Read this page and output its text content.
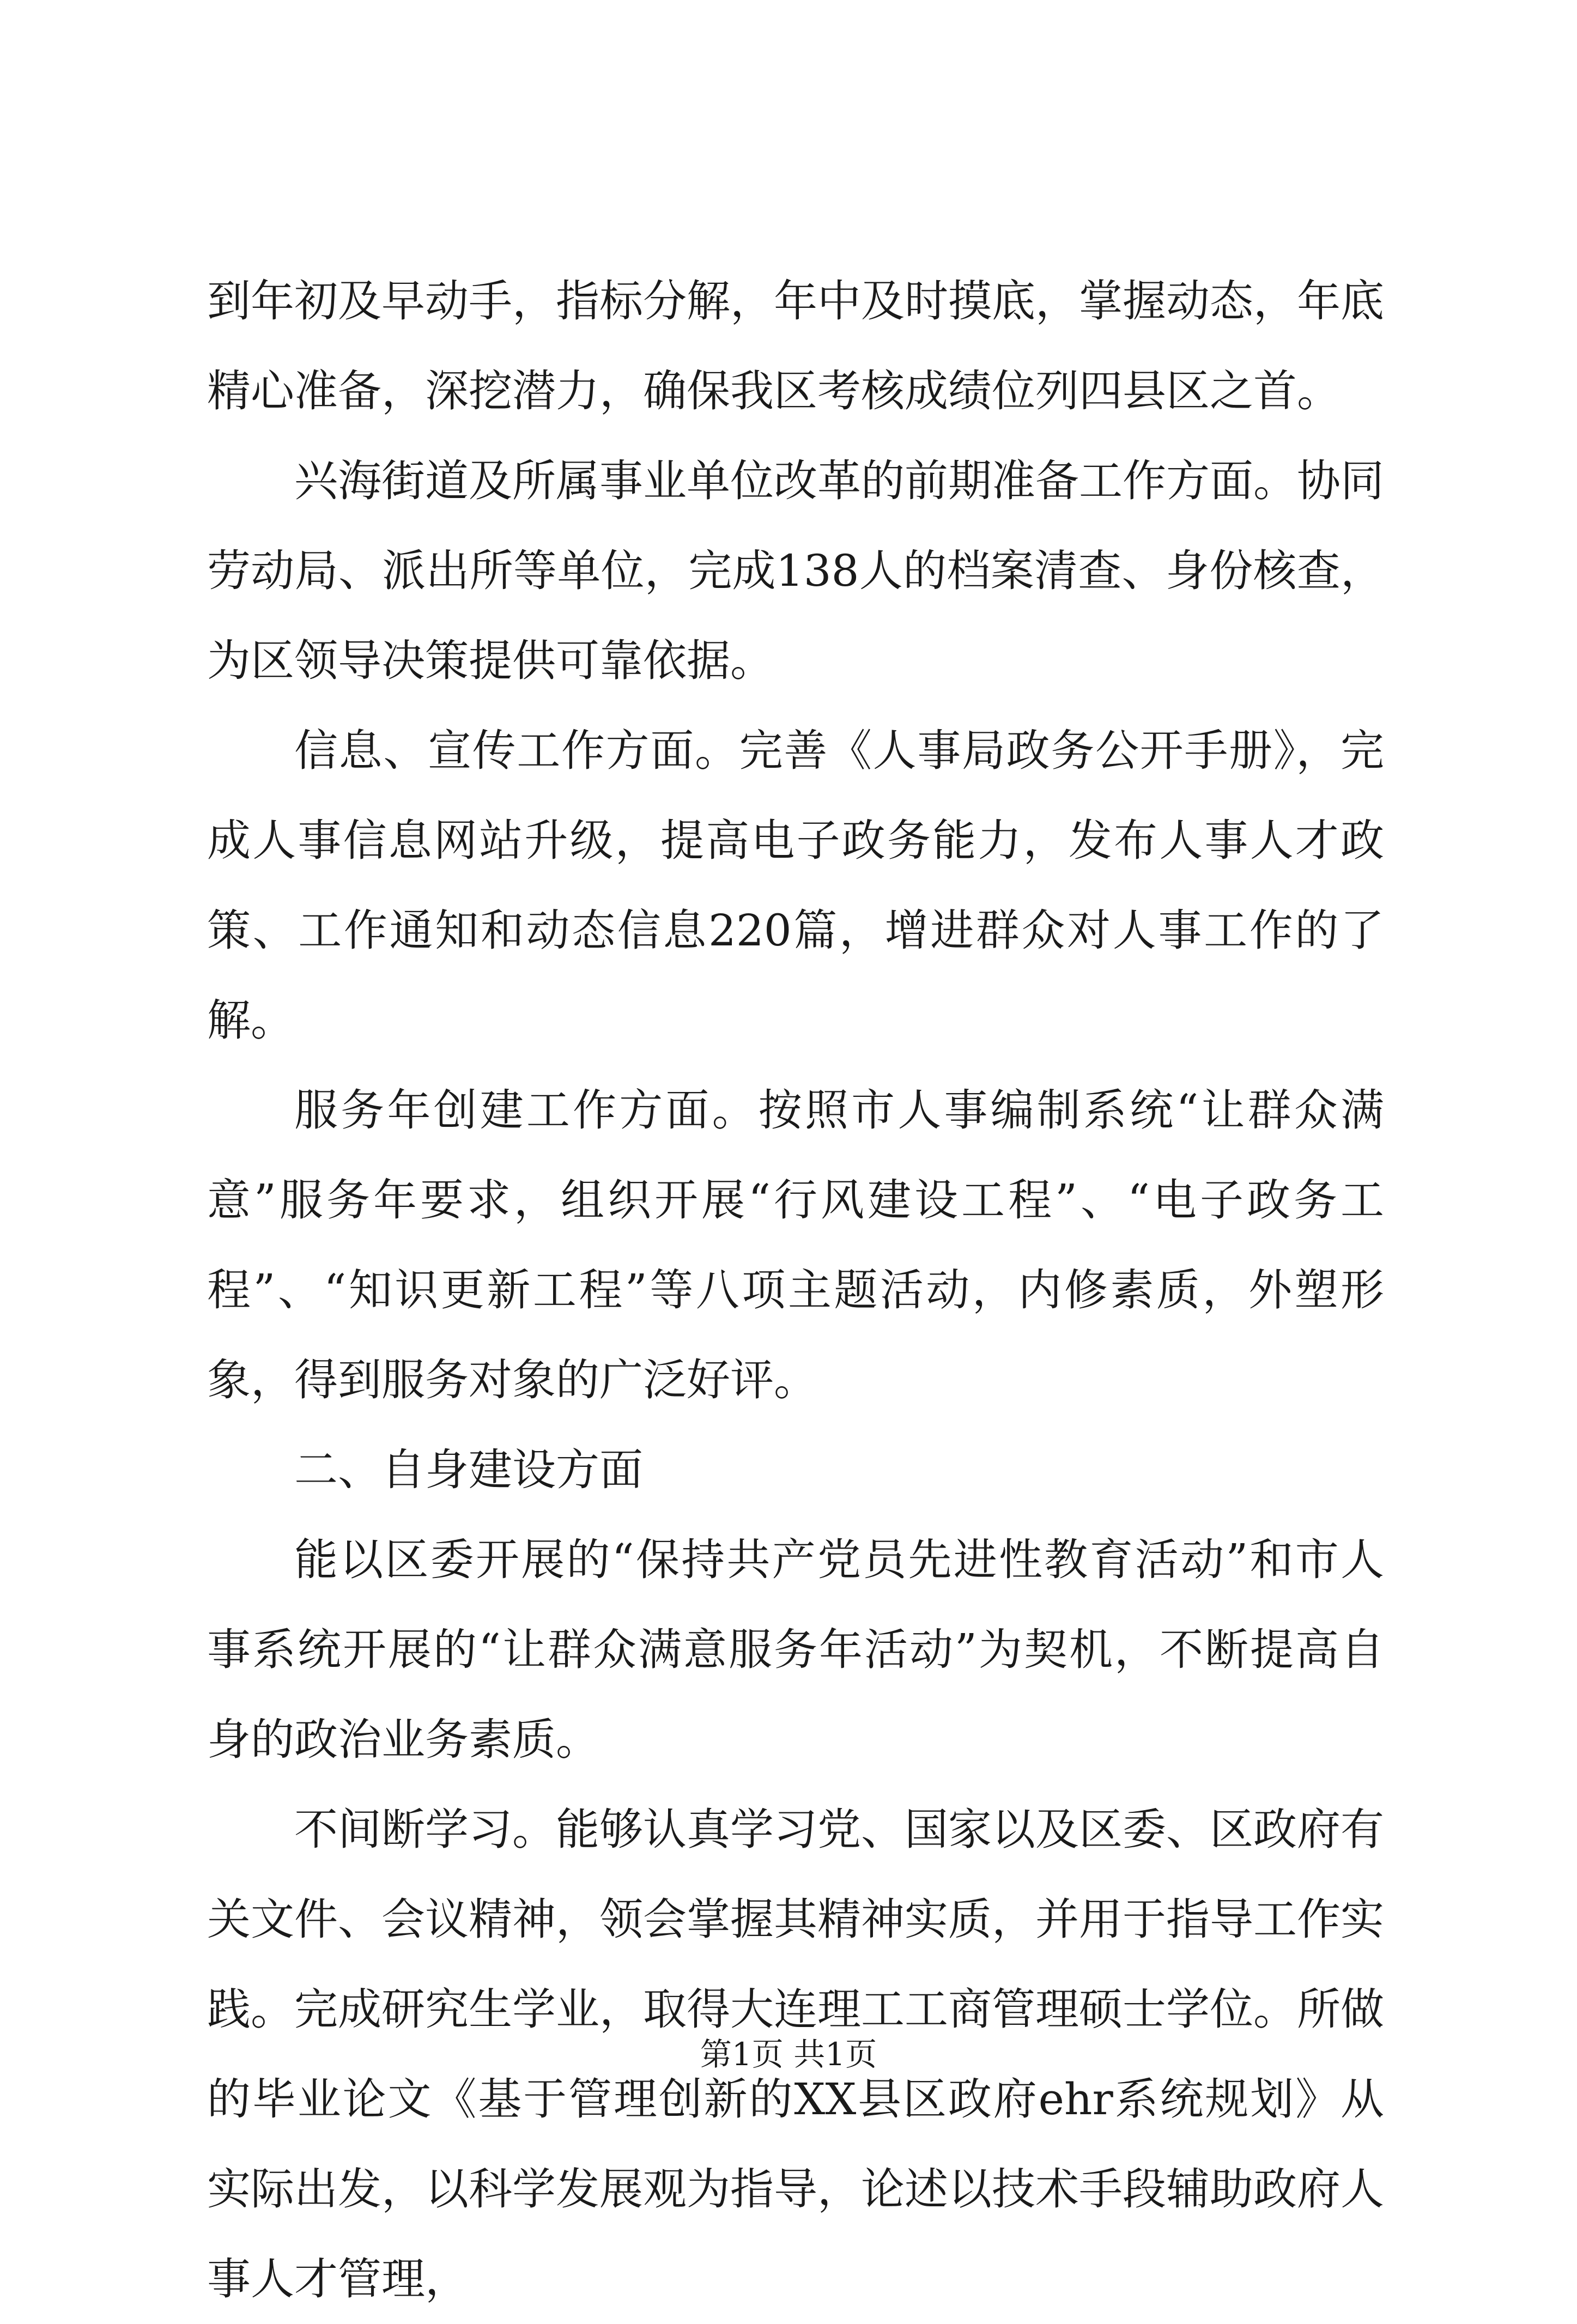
到年初及早动手，指标分解，年中及时摸底，掌握动态，年底精心准备，深挖潜力，确保我区考核成绩位列四县区之首。

兴海街道及所属事业单位改革的前期准备工作方面。协同劳动局、派出所等单位，完成138人的档案清查、身份核查，为区领导决策提供可靠依据。

信息、宣传工作方面。完善《人事局政务公开手册》，完成人事信息网站升级，提高电子政务能力，发布人事人才政策、工作通知和动态信息220篇，增进群众对人事工作的了解。

服务年创建工作方面。按照市人事编制系统“让群众满意”服务年要求，组织开展“行风建设工程”、“电子政务工程”、“知识更新工程”等八项主题活动，内修素质，外塑形象，得到服务对象的广泛好评。

二、自身建设方面

能以区委开展的“保持共产党员先进性教育活动”和市人事系统开展的“让群众满意服务年活动”为契机，不断提高自身的政治业务素质。

不间断学习。能够认真学习党、国家以及区委、区政府有关文件、会议精神，领会掌握其精神实质，并用于指导工作实践。完成研究生学业，取得大连理工工商管理硕士学位。所做的毕业论文《基于管理创新的XX县区政府ehr系统规划》从实际出发，以科学发展观为指导，论述以技术手段辅助政府人事人才管理，

第1页 共1页
